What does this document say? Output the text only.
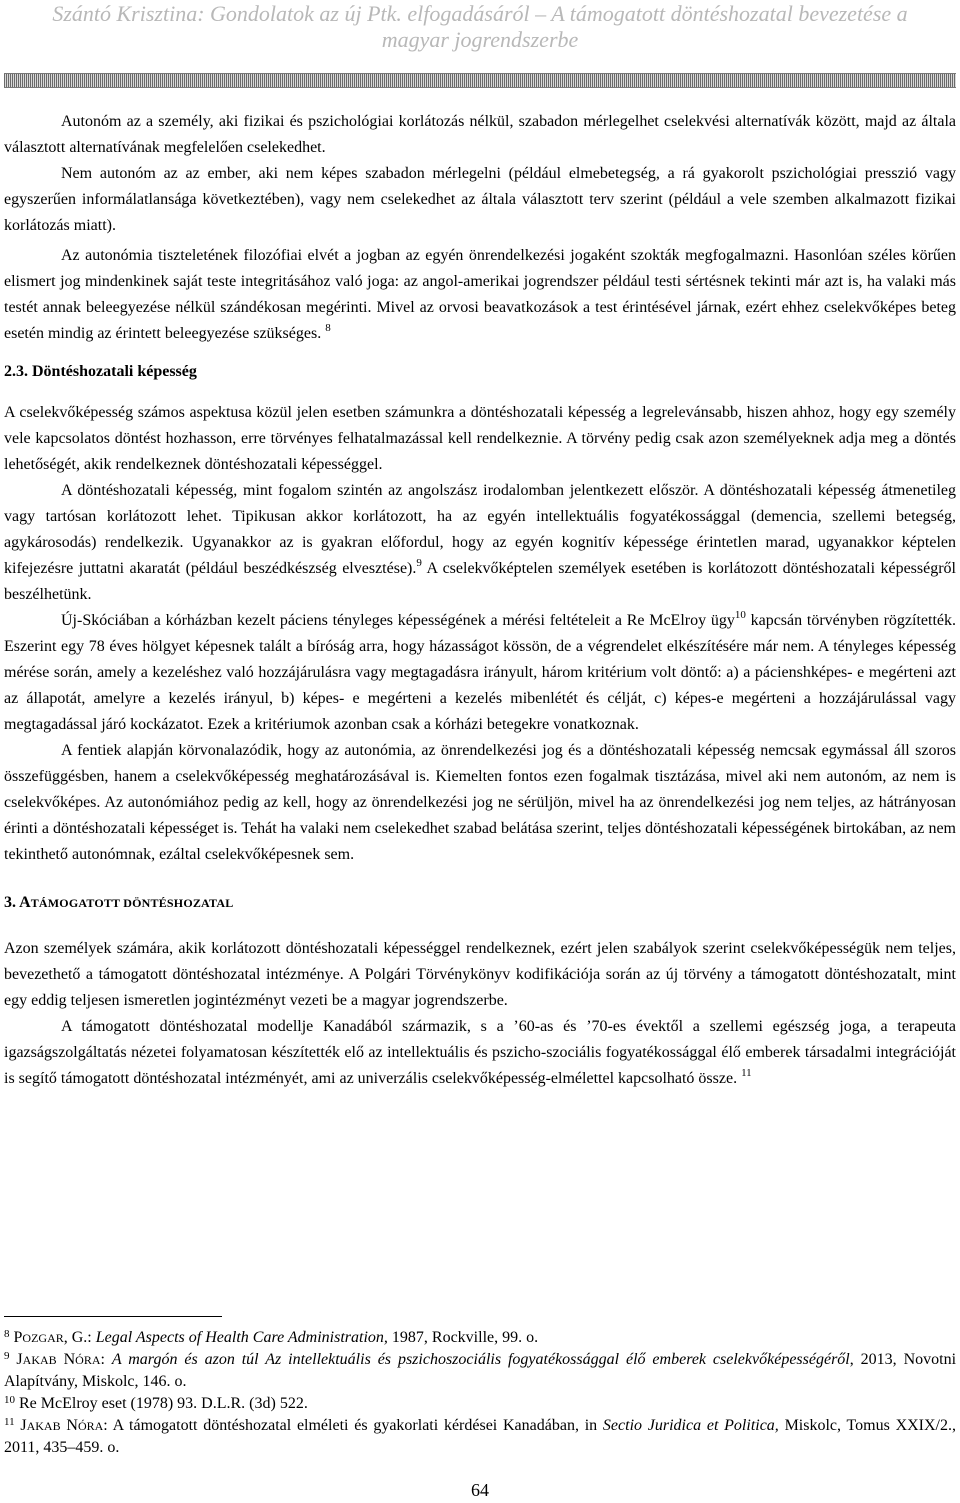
Szántó Krisztina: Gondolatok az új Ptk. elfogadásáról – A támogatott döntéshozatal bevezetése a
magyar jogrendszerbe

Autonóm az a személy, aki fizikai és pszichológiai korlátozás nélkül, szabadon mérlegelhet cselekvési alternatívák között, majd az általa választott alternatívának megfelelően cselekedhet.

Nem autonóm az az ember, aki nem képes szabadon mérlegelni (például elmebetegség, a rá gyakorolt pszichológiai presszió vagy egyszerűen informálatlansága következtében), vagy nem cselekedhet az általa választott terv szerint (például a vele szemben alkalmazott fizikai korlátozás miatt).

Az autonómia tiszteletének filozófiai elvét a jogban az egyén önrendelkezési jogaként szokták megfogalmazni. Hasonlóan széles körűen elismert jog mindenkinek saját teste integritásához való joga: az angol-amerikai jogrendszer például testi sértésnek tekinti már azt is, ha valaki más testét annak beleegyezése nélkül szándékosan megérinti. Mivel az orvosi beavatkozások a test érintésével járnak, ezért ehhez cselekvőképes beteg esetén mindig az érintett beleegyezése szükséges. $^8$

2.3. Döntéshozatali képesség

A cselekvőképesség számos aspektusa közül jelen esetben számunkra a döntéshozatali képesség a legrelevánsabb, hiszen ahhoz, hogy egy személy vele kapcsolatos döntést hozhasson, erre törvényes felhatalmazással kell rendelkeznie. A törvény pedig csak azon személyeknek adja meg a döntés lehetőségét, akik rendelkeznek döntéshozatali képességgel.

A döntéshozatali képesség, mint fogalom szintén az angolszász irodalomban jelentkezett először. A döntéshozatali képesség átmenetileg vagy tartósan korlátozott lehet. Tipikusan akkor korlátozott, ha az egyén intellektuális fogyatékossággal (demencia, szellemi betegség, agykárosodás) rendelkezik. Ugyanakkor az is gyakran előfordul, hogy az egyén kognitív képessége érintetlen marad, ugyanakkor képtelen kifejezésre juttatni akaratát (például beszédkészség elvesztése).$^9$ A cselekvőképtelen személyek esetében is korlátozott döntéshozatali képességről beszélhetünk.

Új-Skóciában a kórházban kezelt páciens tényleges képességének a mérési feltételeit a Re McElroy ügy$^{10}$ kapcsán törvényben rögzítették. Eszerint egy 78 éves hölgyet képesnek talált a bíróság arra, hogy házasságot kössön, de a végrendelet elkészítésére már nem. A tényleges képesség mérése során, amely a kezeléshez való hozzájárulásra vagy megtagadásra irányult, három kritérium volt döntő: a) a pácienshképes- e megérteni azt az állapotát, amelyre a kezelés irányul, b) képes- e megérteni a kezelés mibenlétét és célját, c) képes-e megérteni a hozzájárulással vagy megtagadással járó kockázatot. Ezek a kritériumok azonban csak a kórházi betegekre vonatkoznak.

A fentiek alapján körvonalazódik, hogy az autonómia, az önrendelkezési jog és a döntéshozatali képesség nemcsak egymással áll szoros összefüggésben, hanem a cselekvőképesség meghatározásával is. Kiemelten fontos ezen fogalmak tisztázása, mivel aki nem autonóm, az nem is cselekvőképes. Az autonómiához pedig az kell, hogy az önrendelkezési jog ne sérüljön, mivel ha az önrendelkezési jog nem teljes, az hátrányosan érinti a döntéshozatali képességet is. Tehát ha valaki nem cselekedhet szabad belátása szerint, teljes döntéshozatali képességének birtokában, az nem tekinthető autonómnak, ezáltal cselekvőképesnek sem.

3. ATÁMOGATOTT DÖNTÉSHOZATAL

Azon személyek számára, akik korlátozott döntéshozatali képességgel rendelkeznek, ezért jelen szabályok szerint cselekvőképességük nem teljes, bevezethető a támogatott döntéshozatal intézménye. A Polgári Törvénykönyv kodifikációja során az új törvény a támogatott döntéshozatalt, mint egy eddig teljesen ismeretlen jogintézményt vezeti be a magyar jogrendszerbe.

A támogatott döntéshozatal modellje Kanadából származik, s a ’60-as és ’70-es évektől a szellemi egészség joga, a terapeuta igazságszolgáltatás nézetei folyamatosan készítették elő az intellektuális és pszicho-szociális fogyatékossággal élő emberek társadalmi integrációját is segítő támogatott döntéshozatal intézményét, ami az univerzális cselekvőképesség-elmélettel kapcsolható össze. $^{11}$

$^8$ POZGAR, G.: Legal Aspects of Health Care Administration, 1987, Rockville, 99. o.

$^9$ JAKAB NÓRA: A margón és azon túl Az intellektuális és pszichoszociális fogyatékossággal élő emberek cselekvőképességéről, 2013, Novotni Alapítvány, Miskolc, 146. o.

$^{10}$ Re McElroy eset (1978) 93. D.L.R. (3d) 522.

$^{11}$ JAKAB NÓRA: A támogatott döntéshozatal elméleti és gyakorlati kérdései Kanadában, in Sectio Juridica et Politica, Miskolc, Tomus XXIX/2., 2011, 435–459. o.

64
